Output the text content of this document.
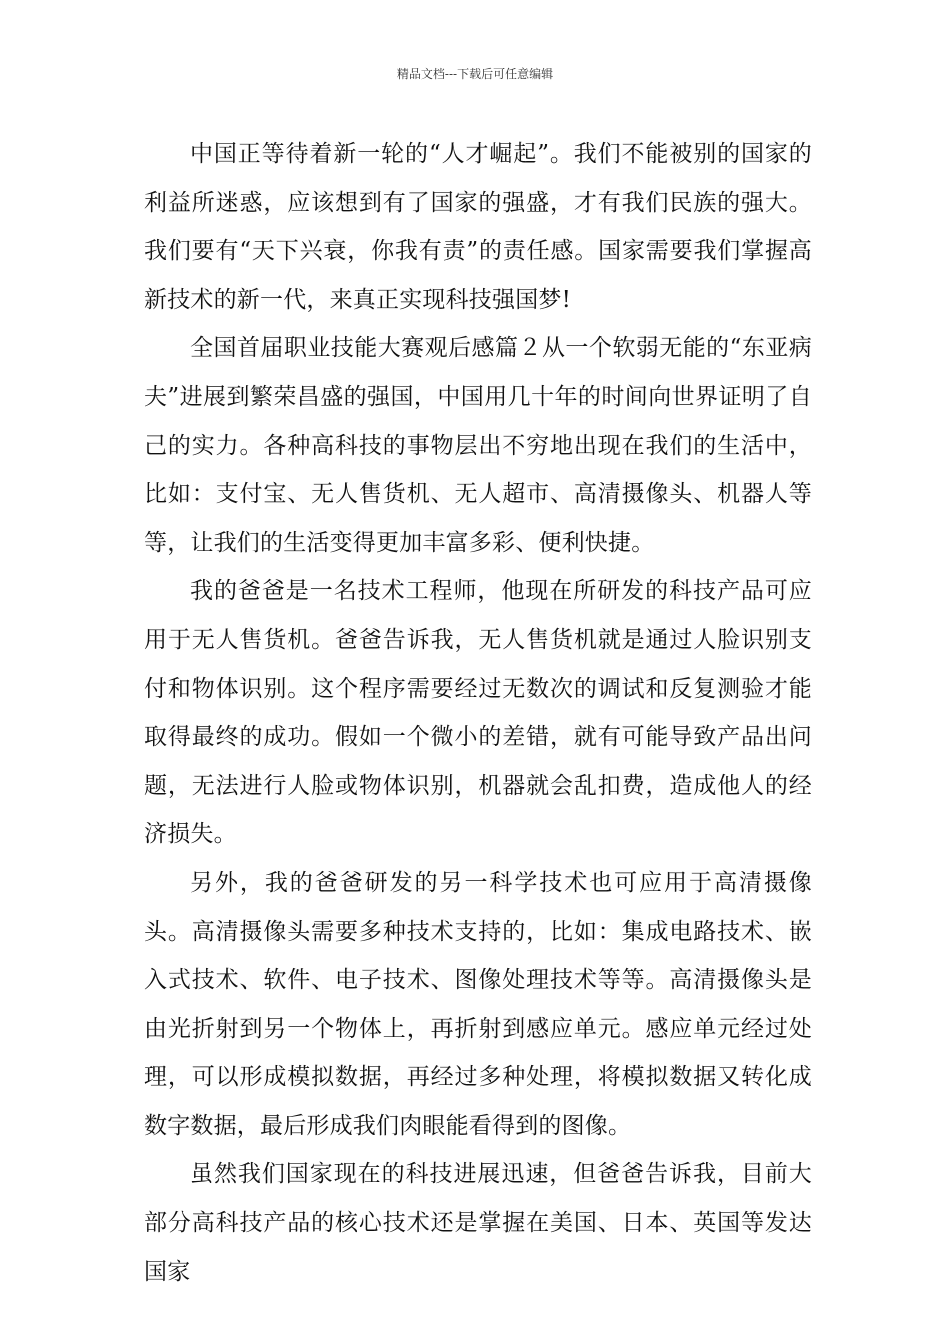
精品文档---下载后可任意编辑

中国正等待着新一轮的“人才崛起”。我们不能被别的国家的利益所迷惑，应该想到有了国家的强盛，才有我们民族的强大。我们要有“天下兴衰，你我有责”的责任感。国家需要我们掌握高新技术的新一代，来真正实现科技强国梦!

全国首届职业技能大赛观后感篇２从一个软弱无能的“东亚病夫”进展到繁荣昌盛的强国，中国用几十年的时间向世界证明了自己的实力。各种高科技的事物层出不穷地出现在我们的生活中，比如：支付宝、无人售货机、无人超市、高清摄像头、机器人等等，让我们的生活变得更加丰富多彩、便利快捷。

我的爸爸是一名技术工程师，他现在所研发的科技产品可应用于无人售货机。爸爸告诉我，无人售货机就是通过人脸识别支付和物体识别。这个程序需要经过无数次的调试和反复测验才能取得最终的成功。假如一个微小的差错，就有可能导致产品出问题，无法进行人脸或物体识别，机器就会乱扣费，造成他人的经济损失。

另外，我的爸爸研发的另一科学技术也可应用于高清摄像头。高清摄像头需要多种技术支持的，比如：集成电路技术、嵌入式技术、软件、电子技术、图像处理技术等等。高清摄像头是由光折射到另一个物体上，再折射到感应单元。感应单元经过处理，可以形成模拟数据，再经过多种处理，将模拟数据又转化成数字数据，最后形成我们肉眼能看得到的图像。

虽然我们国家现在的科技进展迅速，但爸爸告诉我，目前大部分高科技产品的核心技术还是掌握在美国、日本、英国等发达国家
